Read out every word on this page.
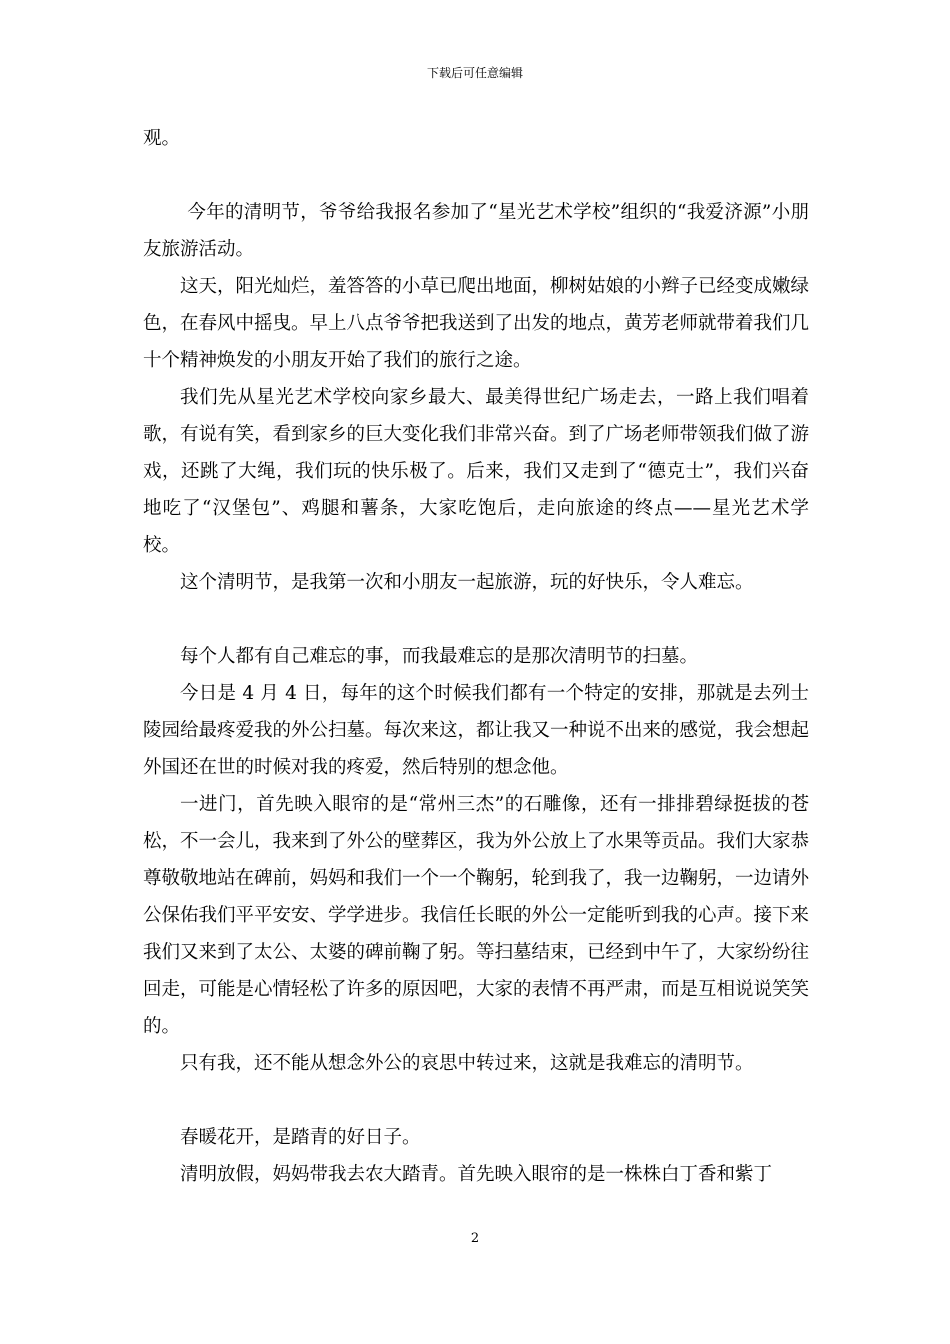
下载后可任意编辑

观。

今年的清明节，爷爷给我报名参加了“星光艺术学校”组织的“我爱济源”小朋友旅游活动。

这天，阳光灿烂，羞答答的小草已爬出地面，柳树姑娘的小辫子已经变成嫩绿色，在春风中摇曳。早上八点爷爷把我送到了出发的地点，黄芳老师就带着我们几十个精神焕发的小朋友开始了我们的旅行之途。

我们先从星光艺术学校向家乡最大、最美得世纪广场走去，一路上我们唱着歌，有说有笑，看到家乡的巨大变化我们非常兴奋。到了广场老师带领我们做了游戏，还跳了大绳，我们玩的快乐极了。后来，我们又走到了“德克士”，我们兴奋地吃了“汉堡包”、鸡腿和薯条，大家吃饱后，走向旅途的终点——星光艺术学校。

这个清明节，是我第一次和小朋友一起旅游，玩的好快乐，令人难忘。

每个人都有自己难忘的事，而我最难忘的是那次清明节的扫墓。

今日是 4 月 4 日，每年的这个时候我们都有一个特定的安排，那就是去列士陵园给最疼爱我的外公扫墓。每次来这，都让我又一种说不出来的感觉，我会想起外国还在世的时候对我的疼爱，然后特别的想念他。

一进门，首先映入眼帘的是“常州三杰”的石雕像，还有一排排碧绿挺拔的苍松，不一会儿，我来到了外公的壁葬区，我为外公放上了水果等贡品。我们大家恭尊敬敬地站在碑前，妈妈和我们一个一个鞠躬，轮到我了，我一边鞠躬，一边请外公保佑我们平平安安、学学进步。我信任长眠的外公一定能听到我的心声。接下来我们又来到了太公、太婆的碑前鞠了躬。等扫墓结束，已经到中午了，大家纷纷往回走，可能是心情轻松了许多的原因吧，大家的表情不再严肃，而是互相说说笑笑的。

只有我，还不能从想念外公的哀思中转过来，这就是我难忘的清明节。

春暖花开，是踏青的好日子。

清明放假，妈妈带我去农大踏青。首先映入眼帘的是一株株白丁香和紫丁

2
